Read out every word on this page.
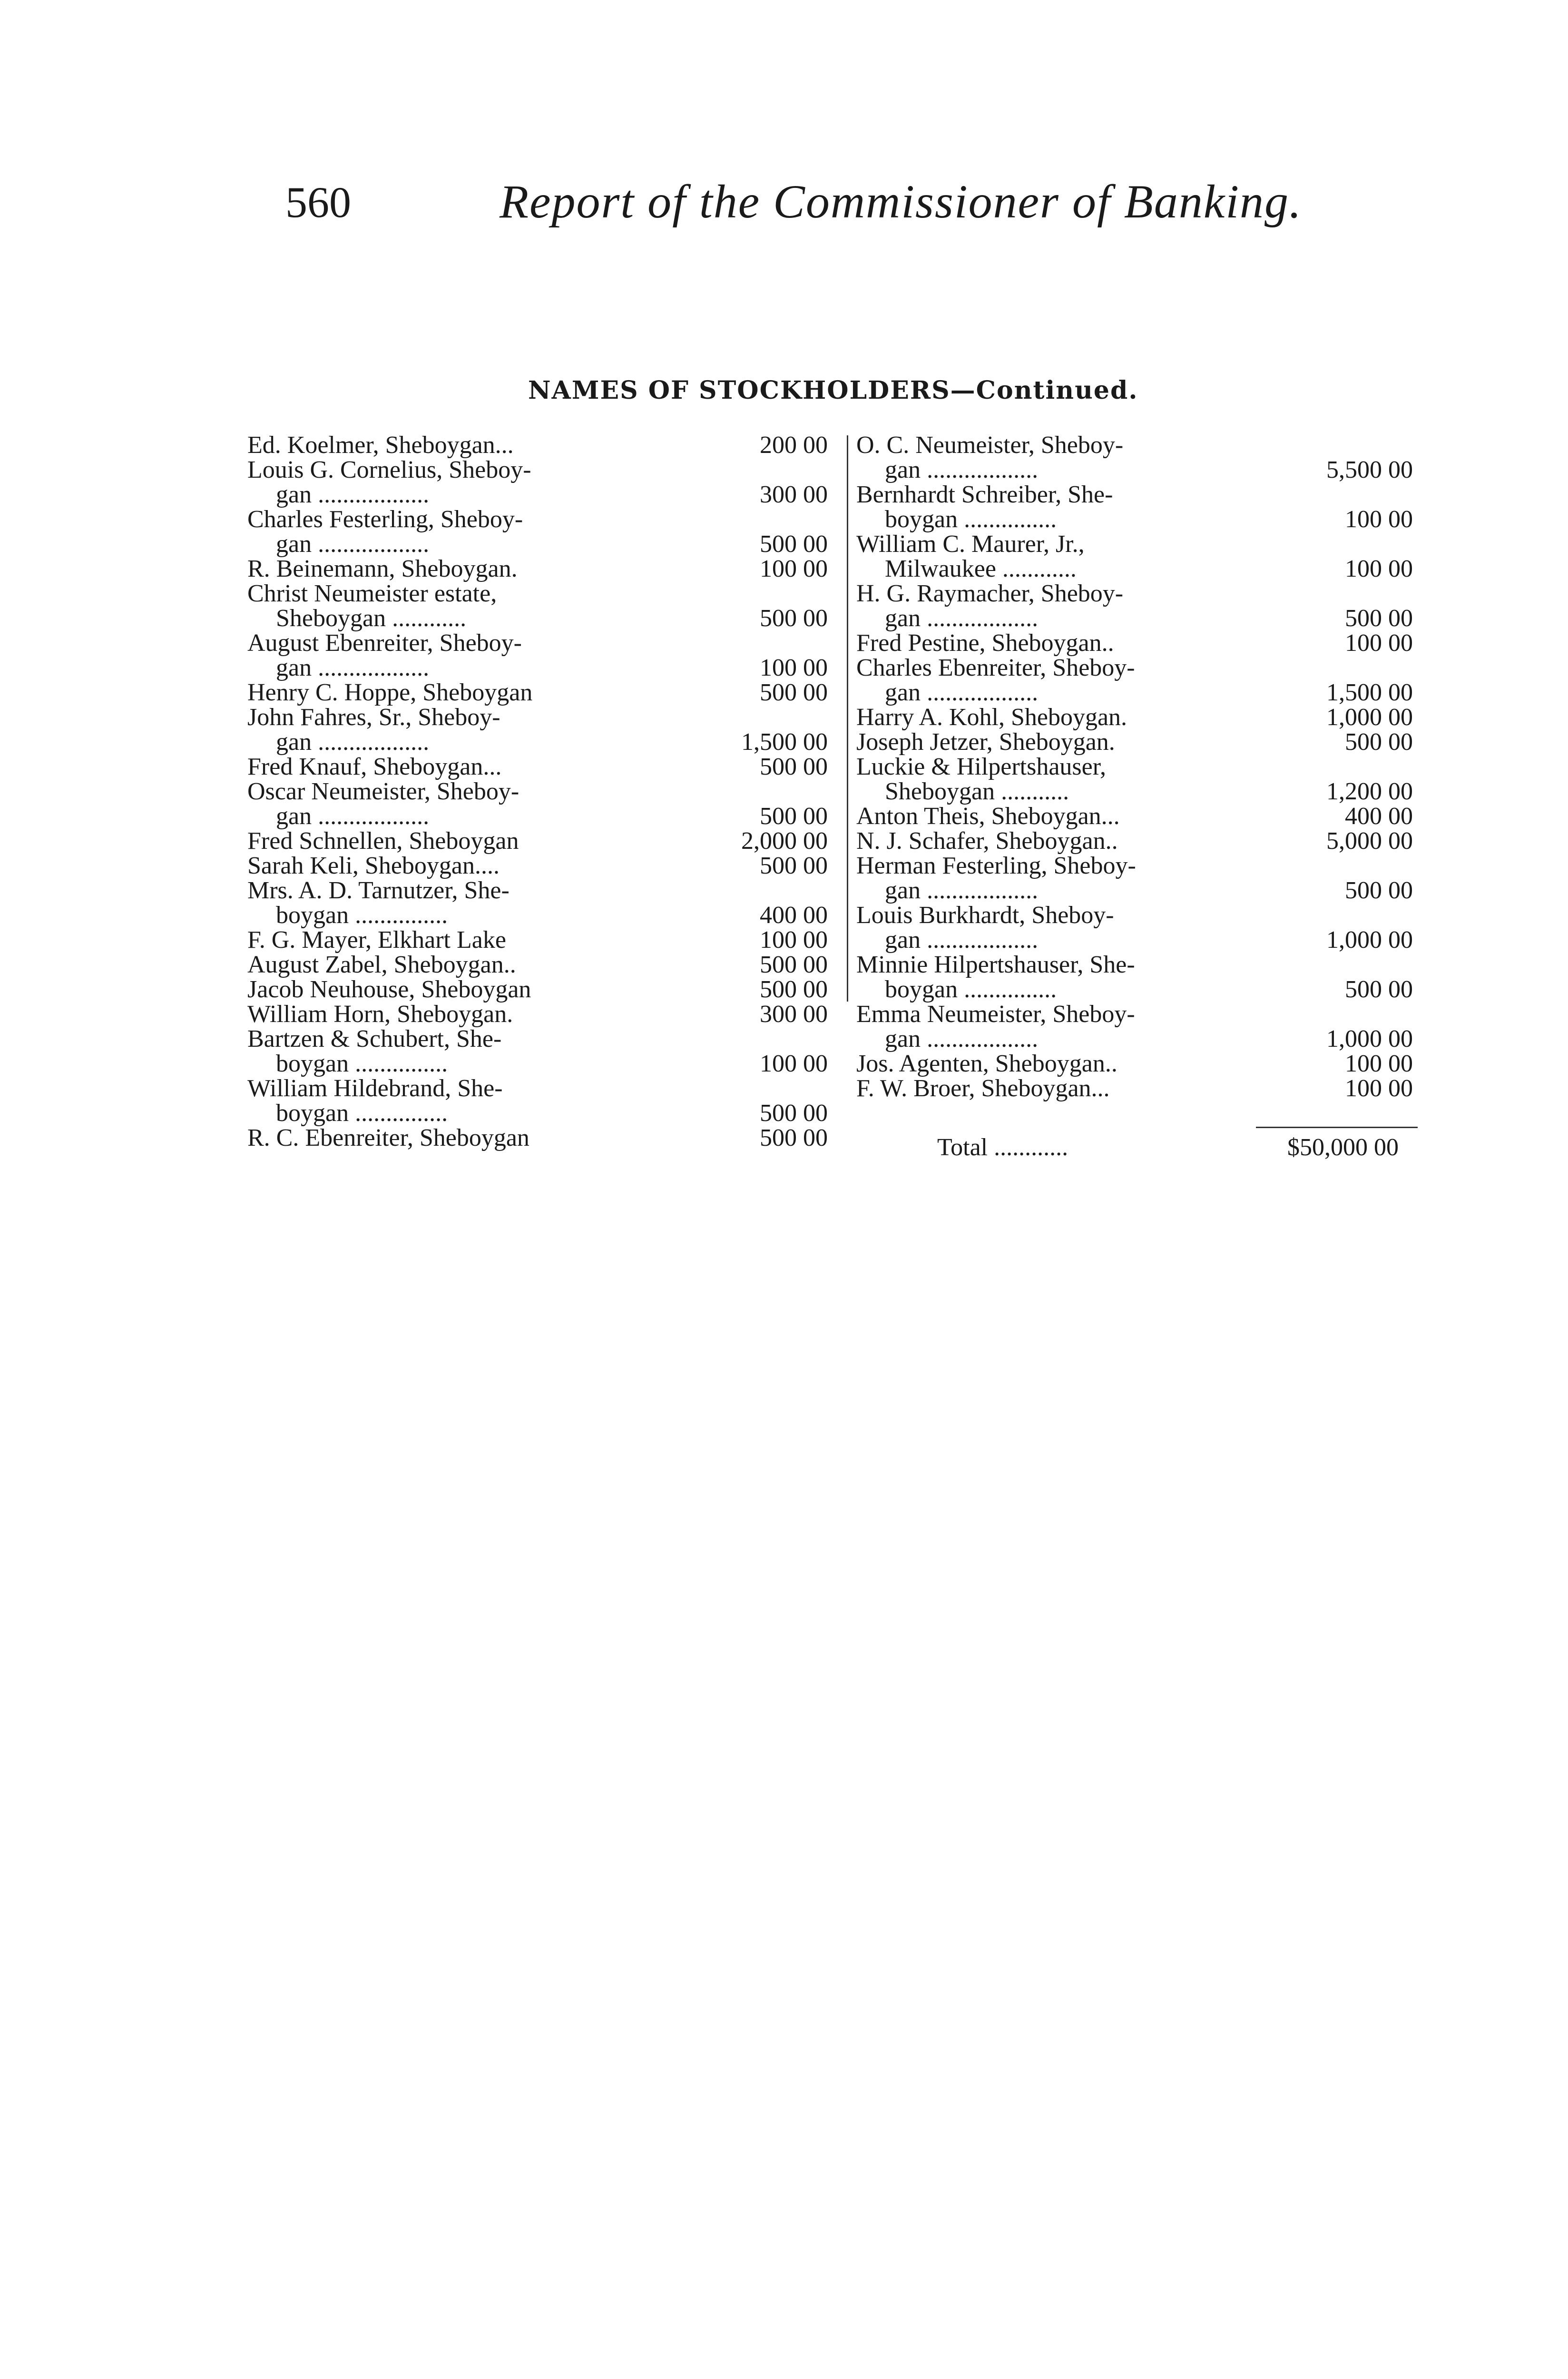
560	Report of the Commissioner of Banking.
NAMES OF STOCKHOLDERS—Continued.
Ed. Koelmer, Sheboygan...	200 00
Louis G. Cornelius, Sheboy-
gan ..................	300 00
Charles Festerling, Sheboy-
gan ..................	500 00
R. Beinemann, Sheboygan.	100 00
Christ Neumeister estate,
Sheboygan ............	500 00
August Ebenreiter, Sheboy-
gan ..................	100 00
Henry C. Hoppe, Sheboygan	500 00
John Fahres, Sr., Sheboy-
gan ..................	1,500 00
Fred Knauf, Sheboygan...	500 00
Oscar Neumeister, Sheboy-
gan ..................	500 00
Fred Schnellen, Sheboygan	2,000 00
Sarah Keli, Sheboygan....	500 00
Mrs. A. D. Tarnutzer, She-
boygan ...............	400 00
F. G. Mayer, Elkhart Lake	100 00
August Zabel, Sheboygan..	500 00
Jacob Neuhouse, Sheboygan	500 00
William Horn, Sheboygan.	300 00
Bartzen & Schubert, She-
boygan ...............	100 00
William Hildebrand, She-
boygan ...............	500 00
R. C. Ebenreiter, Sheboygan	500 00
O. C. Neumeister, Sheboy-
gan ..................	5,500 00
Bernhardt Schreiber, She-
boygan ...............	100 00
William C. Maurer, Jr.,
Milwaukee ............	100 00
H. G. Raymacher, Sheboy-
gan ..................	500 00
Fred Pestine, Sheboygan..	100 00
Charles Ebenreiter, Sheboy-
gan ..................	1,500 00
Harry A. Kohl, Sheboygan.	1,000 00
Joseph Jetzer, Sheboygan.	500 00
Luckie & Hilpertshauser,
Sheboygan ...........	1,200 00
Anton Theis, Sheboygan...	400 00
N. J. Schafer, Sheboygan..	5,000 00
Herman Festerling, Sheboy-
gan ..................	500 00
Louis Burkhardt, Sheboy-
gan ..................	1,000 00
Minnie Hilpertshauser, She-
boygan ...............	500 00
Emma Neumeister, Sheboy-
gan ..................	1,000 00
Jos. Agenten, Sheboygan..	100 00
F. W. Broer, Sheboygan...	100 00
Total ............	$50,000 00
